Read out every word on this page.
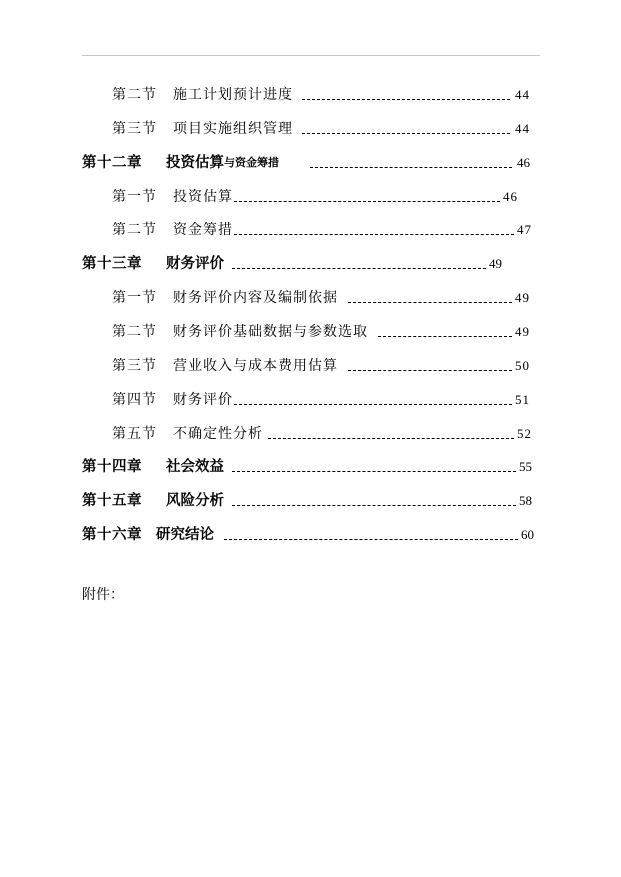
第二节 施工计划预计进度	44
第三节 项目实施组织管理	44
第十二章 投资估算与资金筹措	46
第一节 投资估算	46
第二节 资金筹措	47
第十三章 财务评价	49
第一节 财务评价内容及编制依据	49
第二节 财务评价基础数据与参数选取	49
第三节 营业收入与成本费用估算	50
第四节 财务评价	51
第五节 不确定性分析	52
第十四章 社会效益	55
第十五章 风险分析	58
第十六章 研究结论	60
附件：
